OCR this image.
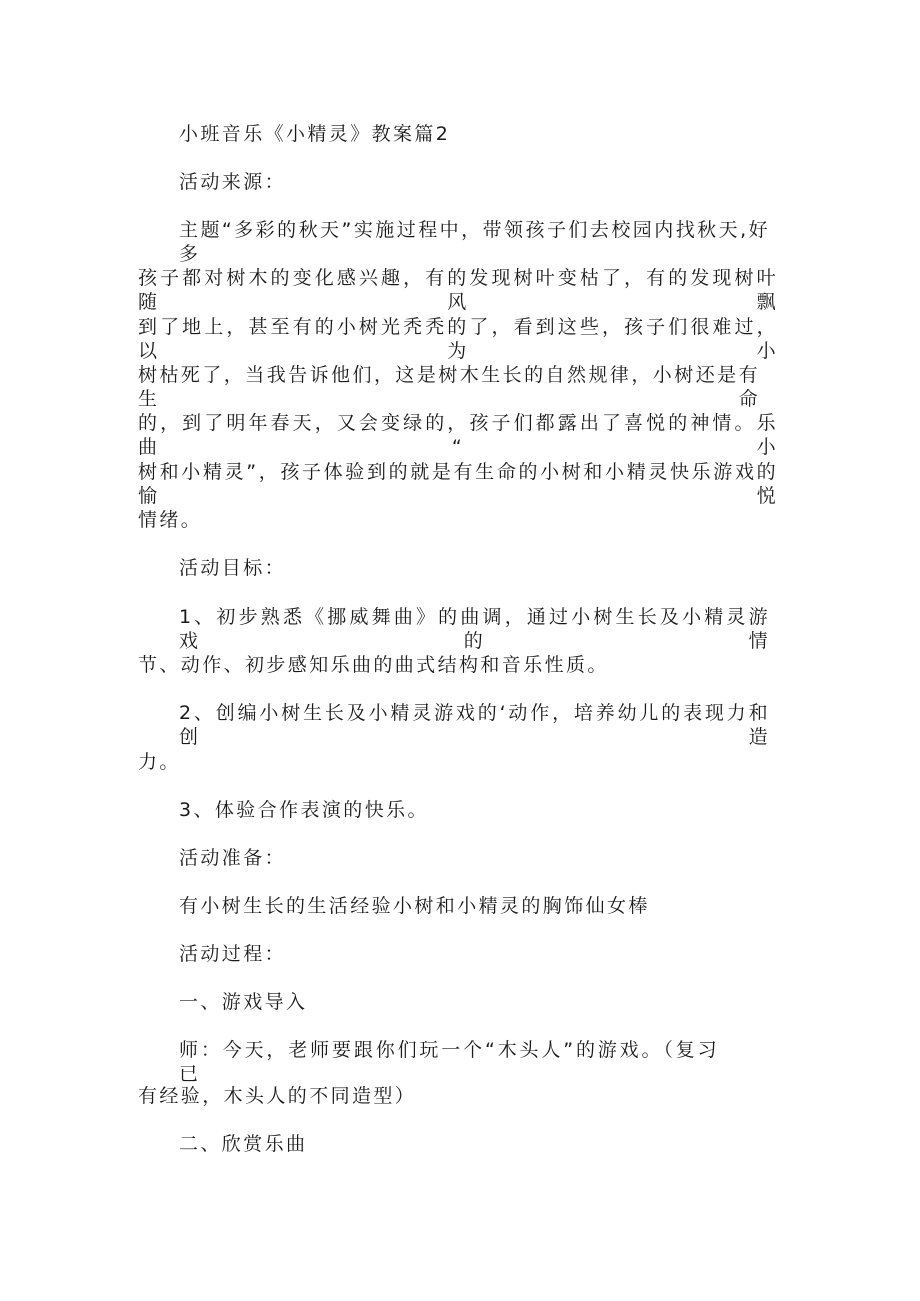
小班音乐《小精灵》教案篇2
活动来源：
主题“多彩的秋天”实施过程中，带领孩子们去校园内找秋天,好多
孩子都对树木的变化感兴趣，有的发现树叶变枯了，有的发现树叶随风飘
到了地上，甚至有的小树光秃秃的了，看到这些，孩子们很难过，以为小
树枯死了，当我告诉他们，这是树木生长的自然规律，小树还是有生命
的，到了明年春天，又会变绿的，孩子们都露出了喜悦的神情。乐曲“小
树和小精灵”，孩子体验到的就是有生命的小树和小精灵快乐游戏的愉悦
情绪。
活动目标：
1、初步熟悉《挪威舞曲》的曲调，通过小树生长及小精灵游戏的情
节、动作、初步感知乐曲的曲式结构和音乐性质。
2、创编小树生长及小精灵游戏的‘动作，培养幼儿的表现力和创造
力。
3、体验合作表演的快乐。
活动准备：
有小树生长的生活经验小树和小精灵的胸饰仙女棒
活动过程：
一、游戏导入
师：今天，老师要跟你们玩一个“木头人”的游戏。（复习已
有经验，木头人的不同造型）
二、欣赏乐曲
